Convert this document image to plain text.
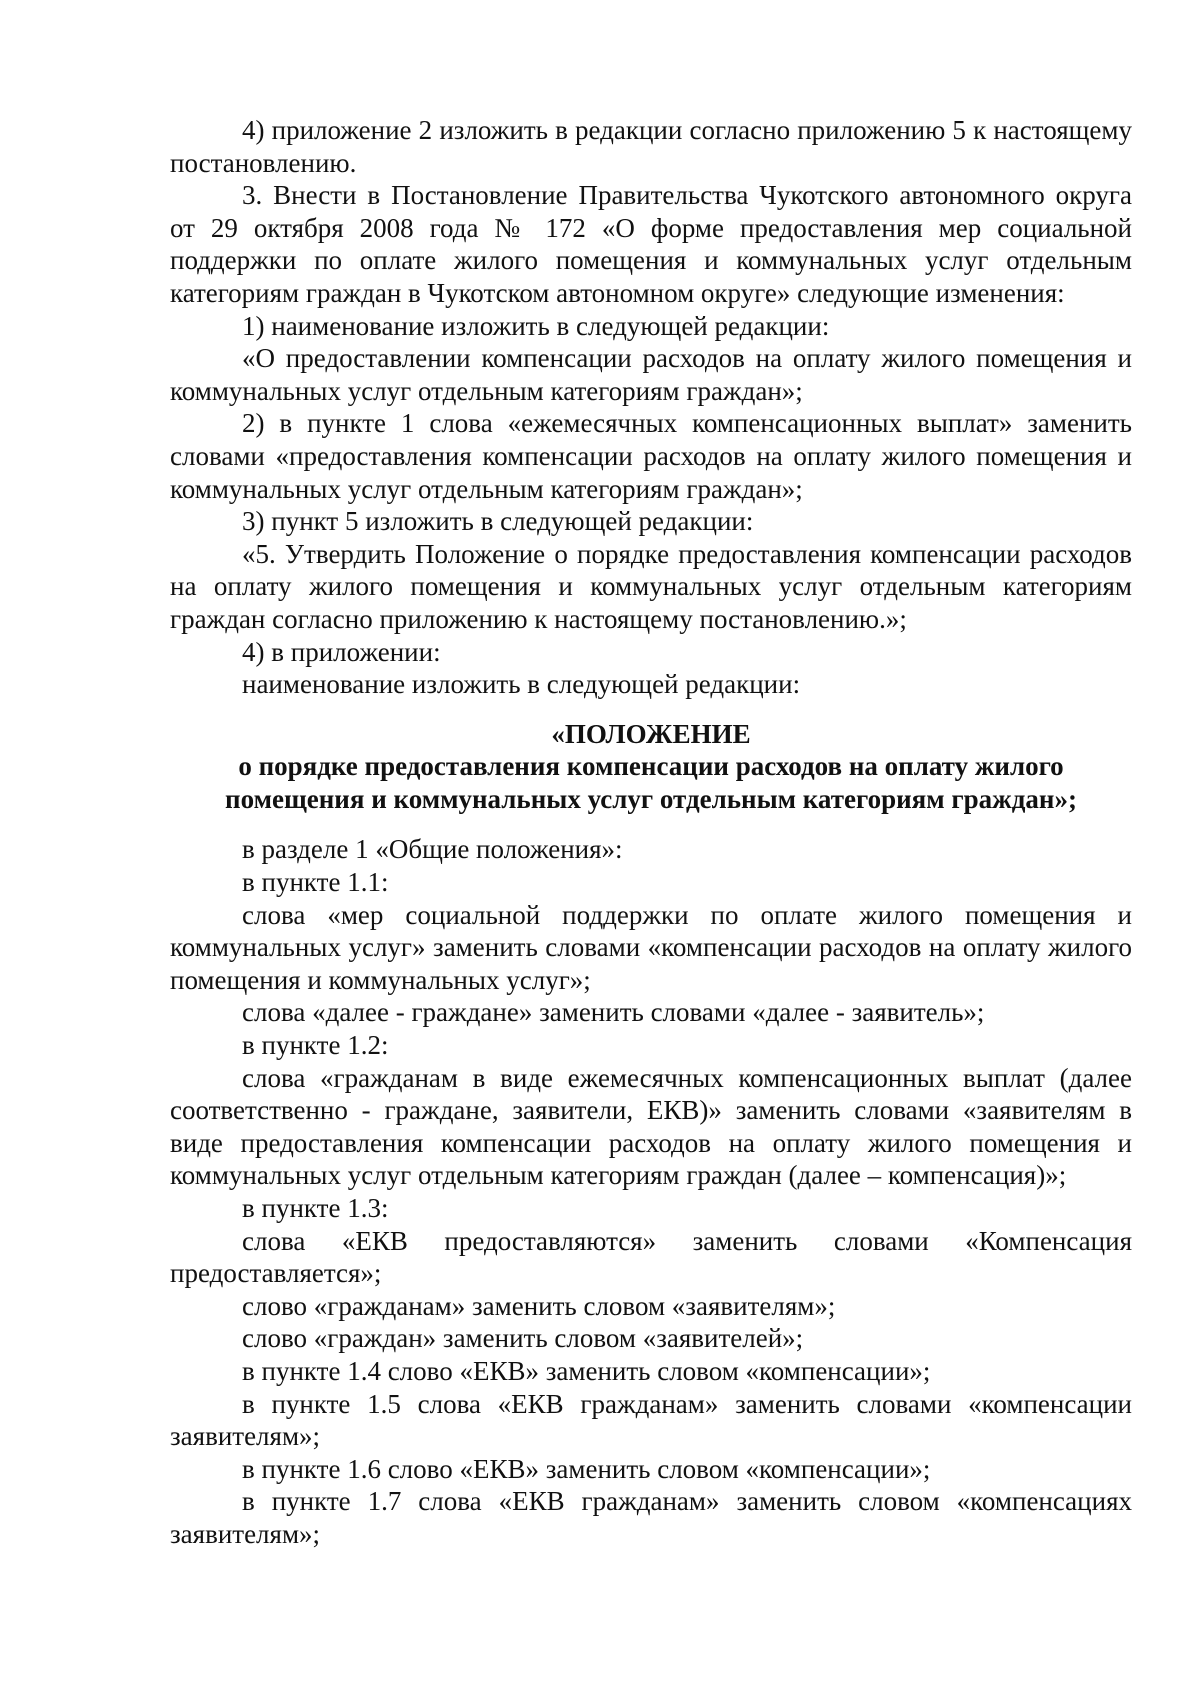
4) приложение 2 изложить в редакции согласно приложению 5 к настоящему постановлению.

3. Внести в Постановление Правительства Чукотского автономного округа от 29 октября 2008 года № 172 «О форме предоставления мер социальной поддержки по оплате жилого помещения и коммунальных услуг отдельным категориям граждан в Чукотском автономном округе» следующие изменения:

1) наименование изложить в следующей редакции:

«О предоставлении компенсации расходов на оплату жилого помещения и коммунальных услуг отдельным категориям граждан»;

2) в пункте 1 слова «ежемесячных компенсационных выплат» заменить словами «предоставления компенсации расходов на оплату жилого помещения и коммунальных услуг отдельным категориям граждан»;

3) пункт 5 изложить в следующей редакции:

«5. Утвердить Положение о порядке предоставления компенсации расходов на оплату жилого помещения и коммунальных услуг отдельным категориям граждан согласно приложению к настоящему постановлению.»;

4) в приложении:

наименование изложить в следующей редакции:

«ПОЛОЖЕНИЕ

о порядке предоставления компенсации расходов на оплату жилого

помещения и коммунальных услуг отдельным категориям граждан»;

в разделе 1 «Общие положения»:

в пункте 1.1:

слова «мер социальной поддержки по оплате жилого помещения и коммунальных услуг» заменить словами «компенсации расходов на оплату жилого помещения и коммунальных услуг»;

слова «далее - граждане» заменить словами «далее - заявитель»;

в пункте 1.2:

слова «гражданам в виде ежемесячных компенсационных выплат (далее соответственно - граждане, заявители, ЕКВ)» заменить словами «заявителям в виде предоставления компенсации расходов на оплату жилого помещения и коммунальных услуг отдельным категориям граждан (далее – компенсация)»;

в пункте 1.3:

слова «ЕКВ предоставляются» заменить словами «Компенсация предоставляется»;

слово «гражданам» заменить словом «заявителям»;

слово «граждан» заменить словом «заявителей»;

в пункте 1.4 слово «ЕКВ» заменить словом «компенсации»;

в пункте 1.5 слова «ЕКВ гражданам» заменить словами «компенсации заявителям»;

в пункте 1.6 слово «ЕКВ» заменить словом «компенсации»;

в пункте 1.7 слова «ЕКВ гражданам» заменить словом «компенсациях заявителям»;
